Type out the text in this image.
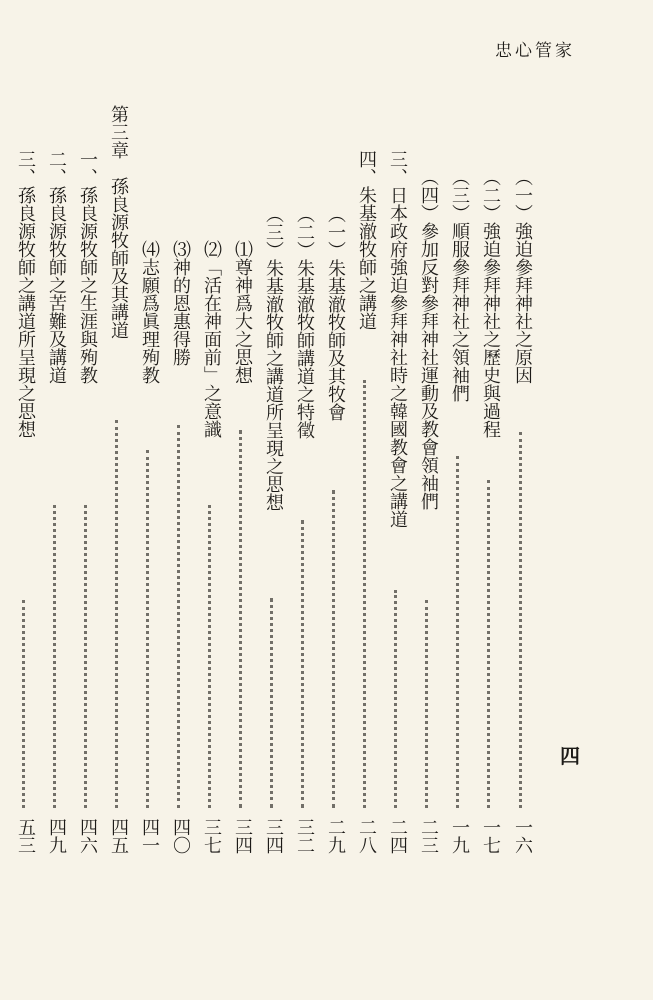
忠心管家
四
（一）強迫參拜神社之原因
一六
（二）強迫參拜神社之歷史與過程
一七
（三）順服參拜神社之領袖們
一九
（四）參加反對參拜神社運動及教會領袖們
二三
三、日本政府強迫參拜神社時之韓國教會之講道
二四
四、朱基澈牧師之講道
二八
（一）朱基澈牧師及其牧會
二九
（二）朱基澈牧師講道之特徵
三二
（三）朱基澈牧師之講道所呈現之思想
三四
⑴尊神爲大之思想
三四
⑵「活在神面前」之意識
三七
⑶神的恩惠得勝
四〇
⑷志願爲眞理殉教
四一
第三章　孫良源牧師及其講道
四五
一、孫良源牧師之生涯與殉教
四六
二、孫良源牧師之苦難及講道
四九
三、孫良源牧師之講道所呈現之思想
五三
